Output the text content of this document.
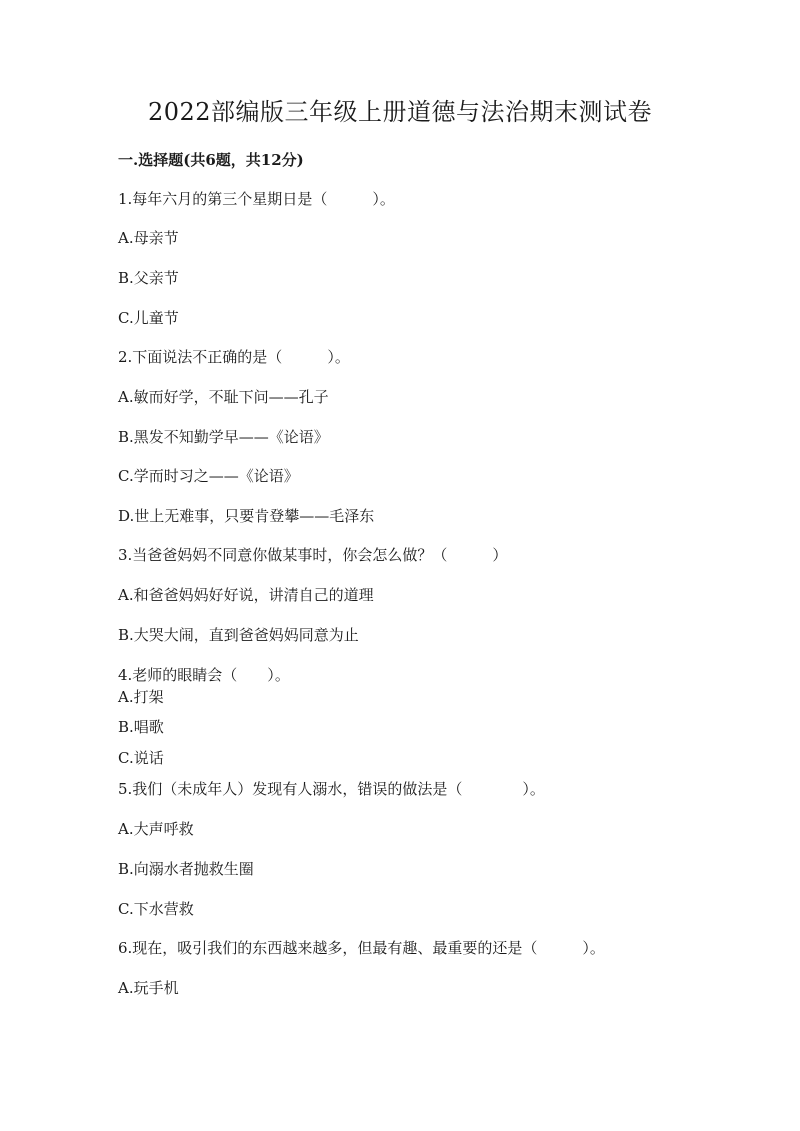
2022部编版三年级上册道德与法治期末测试卷
一.选择题(共6题，共12分)
1.每年六月的第三个星期日是（　　　）。
A.母亲节
B.父亲节
C.儿童节
2.下面说法不正确的是（　　　）。
A.敏而好学，不耻下问——孔子
B.黑发不知勤学早——《论语》
C.学而时习之——《论语》
D.世上无难事，只要肯登攀——毛泽东
3.当爸爸妈妈不同意你做某事时，你会怎么做？（　　　）
A.和爸爸妈妈好好说，讲清自己的道理
B.大哭大闹，直到爸爸妈妈同意为止
4.老师的眼睛会（　　）。
A.打架
B.唱歌
C.说话
5.我们（未成年人）发现有人溺水，错误的做法是（　　　　）。
A.大声呼救
B.向溺水者抛救生圈
C.下水营救
6.现在，吸引我们的东西越来越多，但最有趣、最重要的还是（　　　）。
A.玩手机
